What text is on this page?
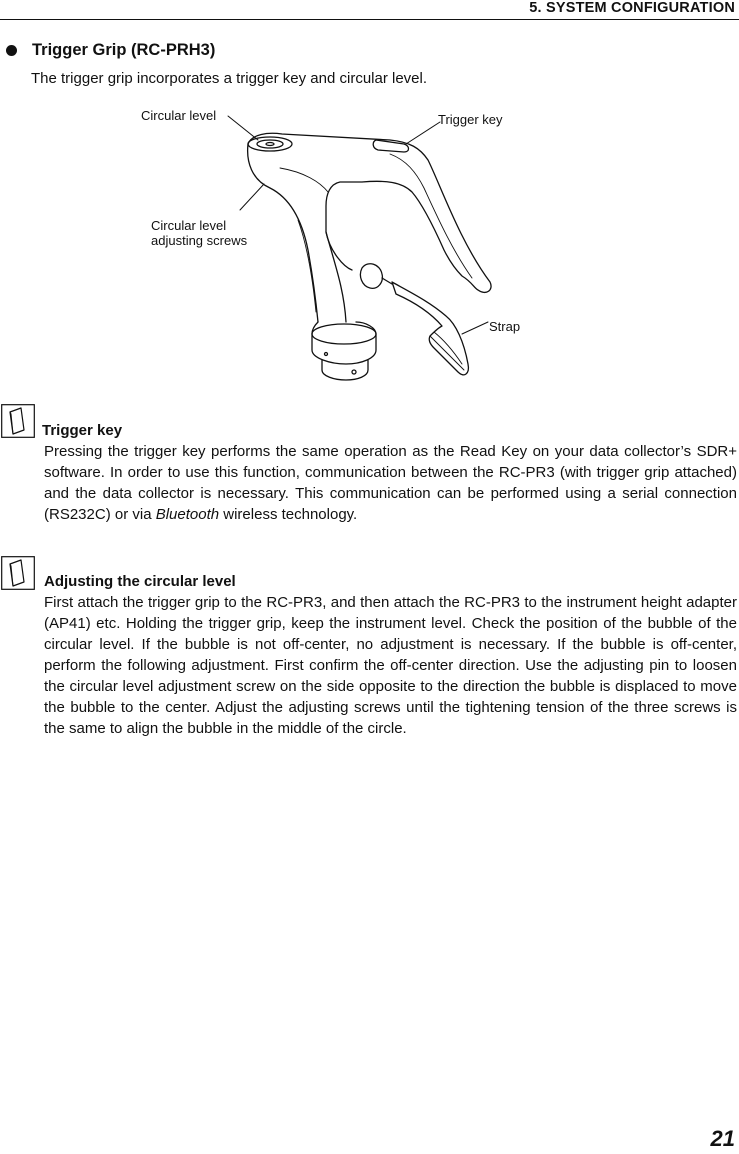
5. SYSTEM CONFIGURATION
Trigger Grip (RC-PRH3)

The trigger grip incorporates a trigger key and circular level.

Circular level	Trigger key
Circular level
adjusting screws
Strap
Trigger key

Pressing the trigger key performs the same operation as the Read Key on your data collector’s SDR+ software. In order to use this function, communication between the RC-PR3 (with trigger grip attached) and the data collector is necessary. This communication can be performed using a serial connection (RS232C) or via Bluetooth wireless technology.

Adjusting the circular level

First attach the trigger grip to the RC-PR3, and then attach the RC-PR3 to the instrument height adapter (AP41) etc. Holding the trigger grip, keep the instrument level. Check the position of the bubble of the circular level. If the bubble is not off-center, no adjustment is necessary. If the bubble is off-center, perform the following adjustment. First confirm the off-center direction. Use the adjusting pin to loosen the circular level adjustment screw on the side opposite to the direction the bubble is displaced to move the bubble to the center. Adjust the adjusting screws until the tightening tension of the three screws is the same to align the bubble in the middle of the circle.

21
